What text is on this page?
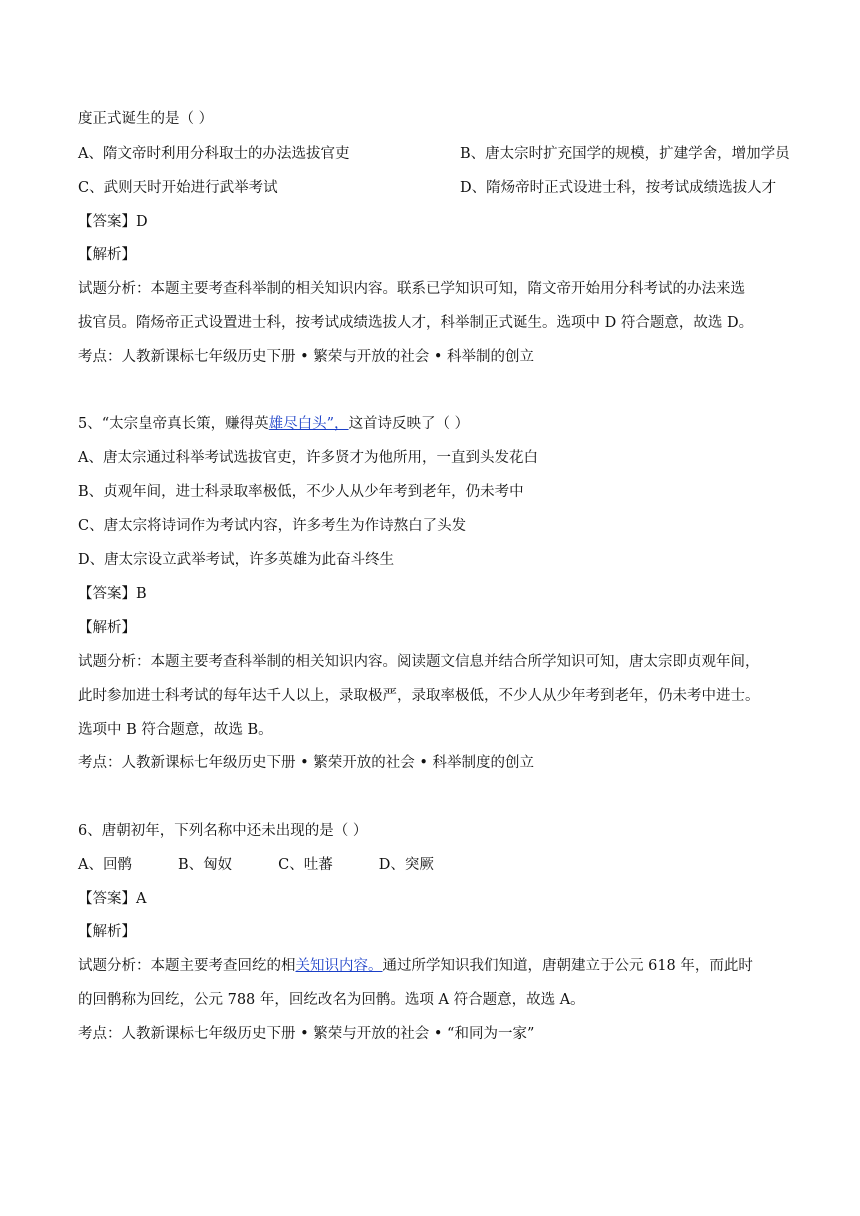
度正式诞生的是（ ）
A、隋文帝时利用分科取士的办法选拔官吏	B、唐太宗时扩充国学的规模，扩建学舍，增加学员
C、武则天时开始进行武举考试	D、隋炀帝时正式设进士科，按考试成绩选拔人才
【答案】D
【解析】
试题分析：本题主要考查科举制的相关知识内容。联系已学知识可知，隋文帝开始用分科考试的办法来选
拔官员。隋炀帝正式设置进士科，按考试成绩选拔人才，科举制正式诞生。选项中 D 符合题意，故选 D。
考点：人教新课标七年级历史下册 • 繁荣与开放的社会 • 科举制的创立
5、“太宗皇帝真长策，赚得英雄尽白头”，这首诗反映了（ ）
A、唐太宗通过科举考试选拔官吏，许多贤才为他所用，一直到头发花白
B、贞观年间，进士科录取率极低，不少人从少年考到老年，仍未考中
C、唐太宗将诗词作为考试内容，许多考生为作诗熬白了头发
D、唐太宗设立武举考试，许多英雄为此奋斗终生
【答案】B
【解析】
试题分析：本题主要考查科举制的相关知识内容。阅读题文信息并结合所学知识可知，唐太宗即贞观年间，
此时参加进士科考试的每年达千人以上，录取极严，录取率极低，不少人从少年考到老年，仍未考中进士。
选项中 B 符合题意，故选 B。
考点：人教新课标七年级历史下册 • 繁荣开放的社会 • 科举制度的创立
6、唐朝初年，下列名称中还未出现的是（ ）
A、回鹘	B、匈奴	C、吐蕃	D、突厥
【答案】A
【解析】
试题分析：本题主要考查回纥的相关知识内容。通过所学知识我们知道，唐朝建立于公元 618 年，而此时
的回鹘称为回纥，公元 788 年，回纥改名为回鹘。选项 A 符合题意，故选 A。
考点：人教新课标七年级历史下册 • 繁荣与开放的社会 • “和同为一家”
